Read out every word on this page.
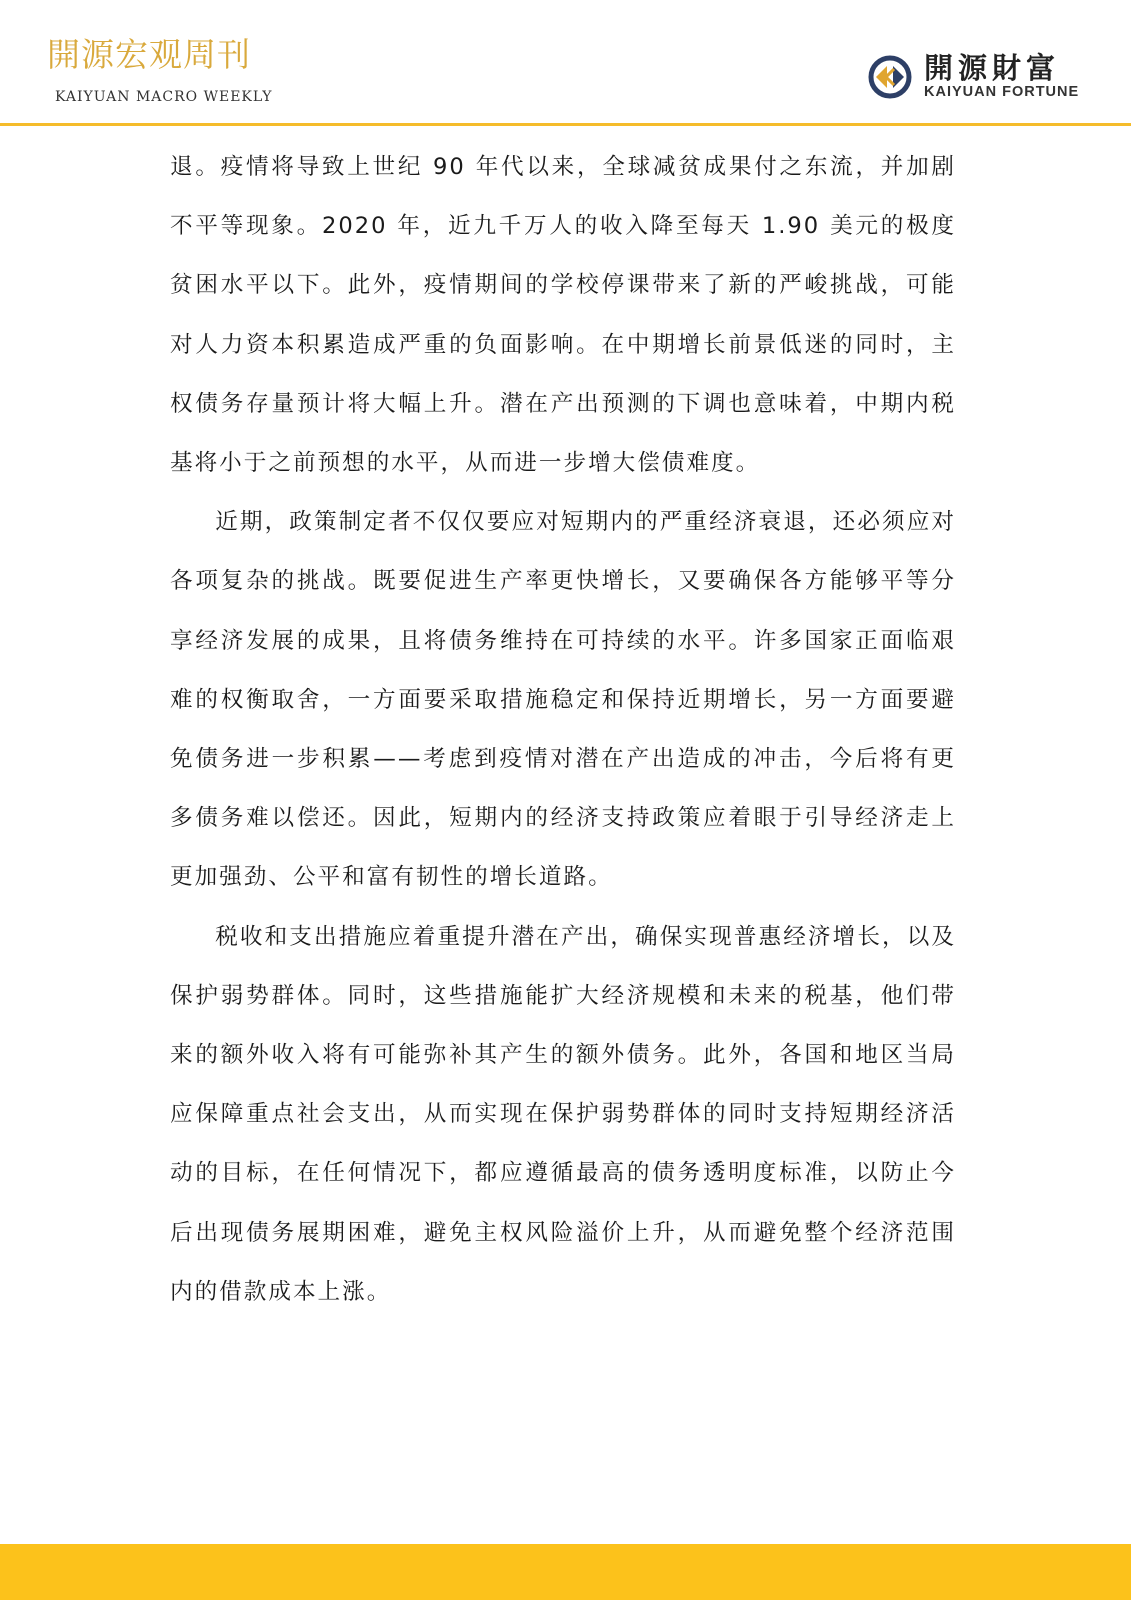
開源宏观周刊
KAIYUAN MACRO WEEKLY
開源財富
KAIYUAN FORTUNE

退。疫情将导致上世纪 90 年代以来，全球减贫成果付之东流，并加剧不平等现象。2020 年，近九千万人的收入降至每天 1.90 美元的极度贫困水平以下。此外，疫情期间的学校停课带来了新的严峻挑战，可能对人力资本积累造成严重的负面影响。在中期增长前景低迷的同时，主权债务存量预计将大幅上升。潜在产出预测的下调也意味着，中期内税基将小于之前预想的水平，从而进一步增大偿债难度。

近期，政策制定者不仅仅要应对短期内的严重经济衰退，还必须应对各项复杂的挑战。既要促进生产率更快增长，又要确保各方能够平等分享经济发展的成果，且将债务维持在可持续的水平。许多国家正面临艰难的权衡取舍，一方面要采取措施稳定和保持近期增长，另一方面要避免债务进一步积累——考虑到疫情对潜在产出造成的冲击，今后将有更多债务难以偿还。因此，短期内的经济支持政策应着眼于引导经济走上更加强劲、公平和富有韧性的增长道路。

税收和支出措施应着重提升潜在产出，确保实现普惠经济增长，以及保护弱势群体。同时，这些措施能扩大经济规模和未来的税基，他们带来的额外收入将有可能弥补其产生的额外债务。此外，各国和地区当局应保障重点社会支出，从而实现在保护弱势群体的同时支持短期经济活动的目标，在任何情况下，都应遵循最高的债务透明度标准，以防止今后出现债务展期困难，避免主权风险溢价上升，从而避免整个经济范围内的借款成本上涨。
